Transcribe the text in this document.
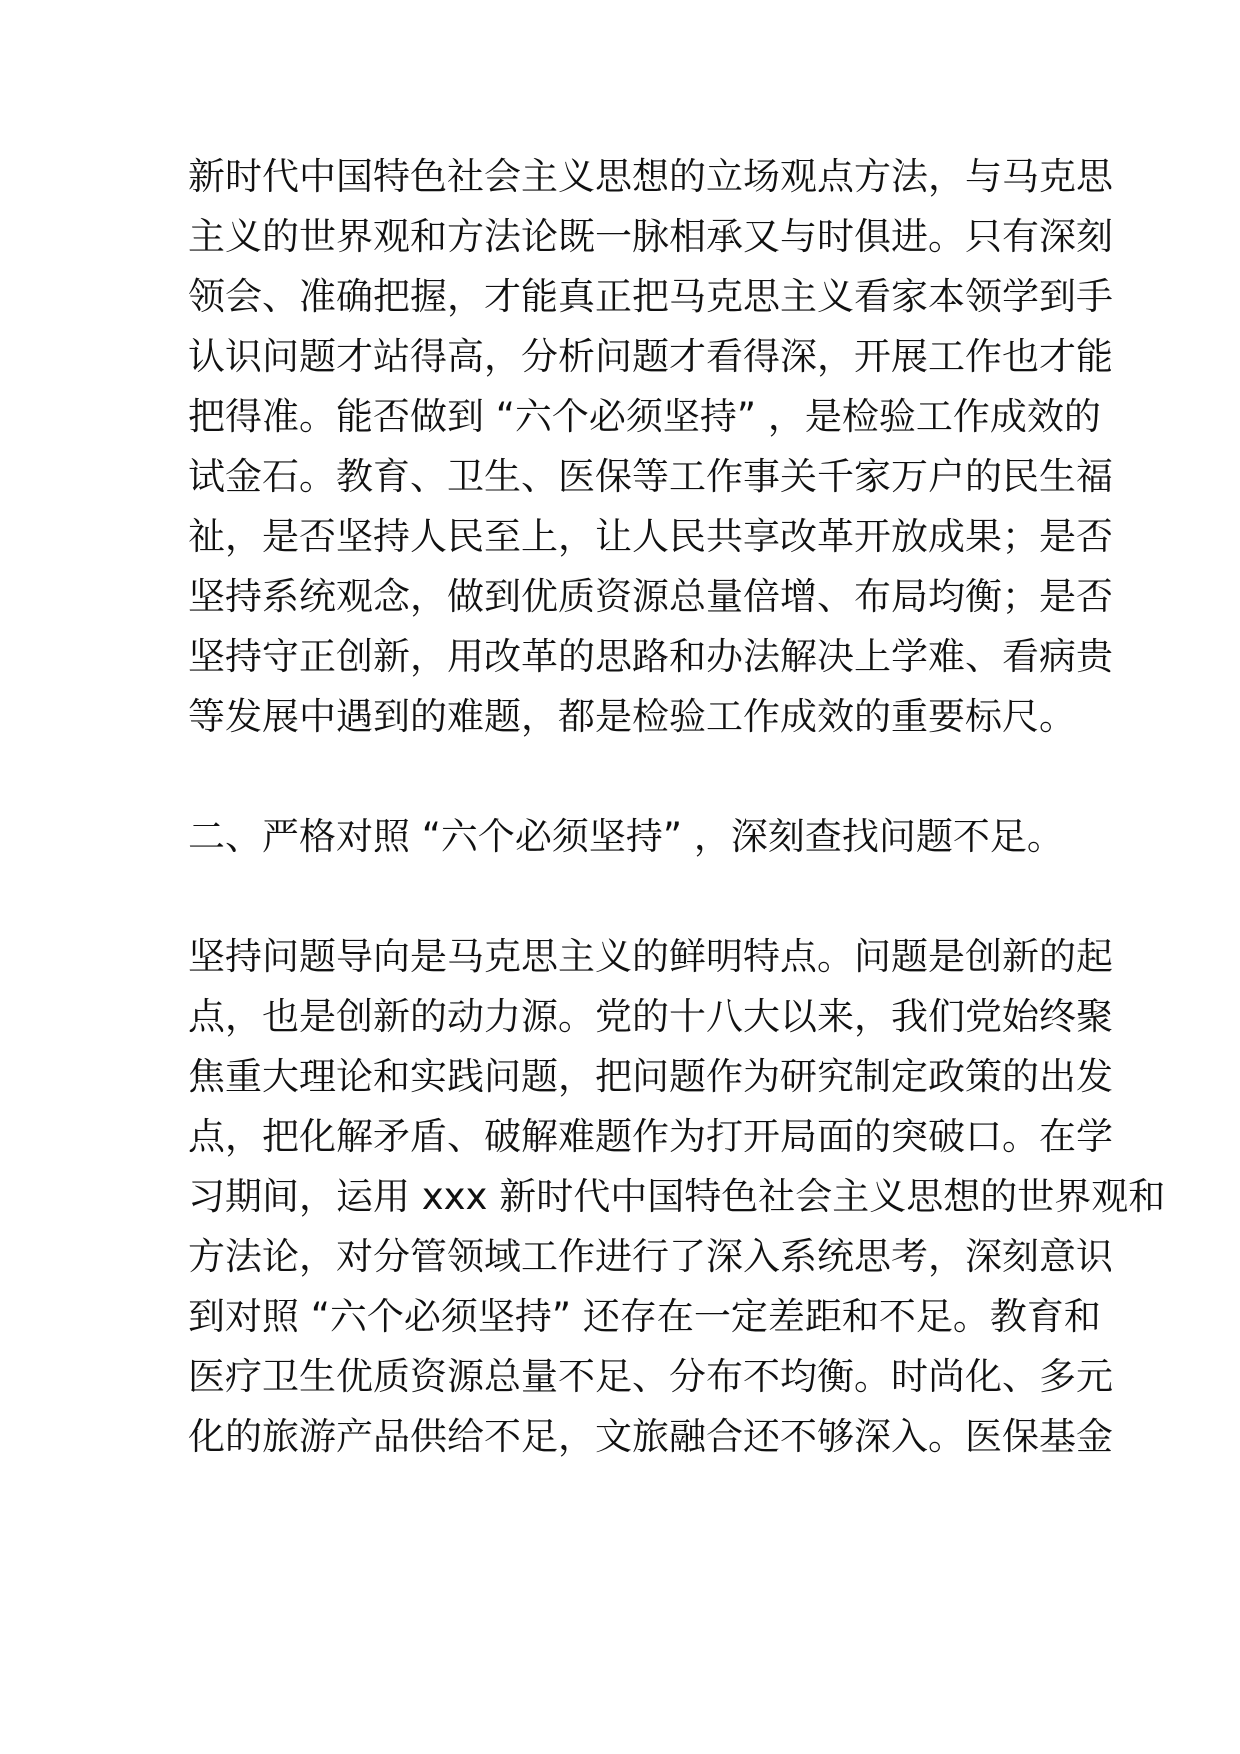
新时代中国特色社会主义思想的立场观点方法，与马克思
主义的世界观和方法论既一脉相承又与时俱进。只有深刻
领会、准确把握，才能真正把马克思主义看家本领学到手
认识问题才站得高，分析问题才看得深，开展工作也才能
把得准。能否做到 “六个必须坚持” ，是检验工作成效的
试金石。教育、卫生、医保等工作事关千家万户的民生福
祉，是否坚持人民至上，让人民共享改革开放成果；是否
坚持系统观念，做到优质资源总量倍增、布局均衡；是否
坚持守正创新，用改革的思路和办法解决上学难、看病贵
等发展中遇到的难题，都是检验工作成效的重要标尺。
二、严格对照 “六个必须坚持” ，深刻查找问题不足。
坚持问题导向是马克思主义的鲜明特点。问题是创新的起
点，也是创新的动力源。党的十八大以来，我们党始终聚
焦重大理论和实践问题，把问题作为研究制定政策的出发
点，把化解矛盾、破解难题作为打开局面的突破口。在学
习期间，运用 xxx 新时代中国特色社会主义思想的世界观和
方法论，对分管领域工作进行了深入系统思考，深刻意识
到对照 “六个必须坚持” 还存在一定差距和不足。教育和
医疗卫生优质资源总量不足、分布不均衡。时尚化、多元
化的旅游产品供给不足，文旅融合还不够深入。医保基金
